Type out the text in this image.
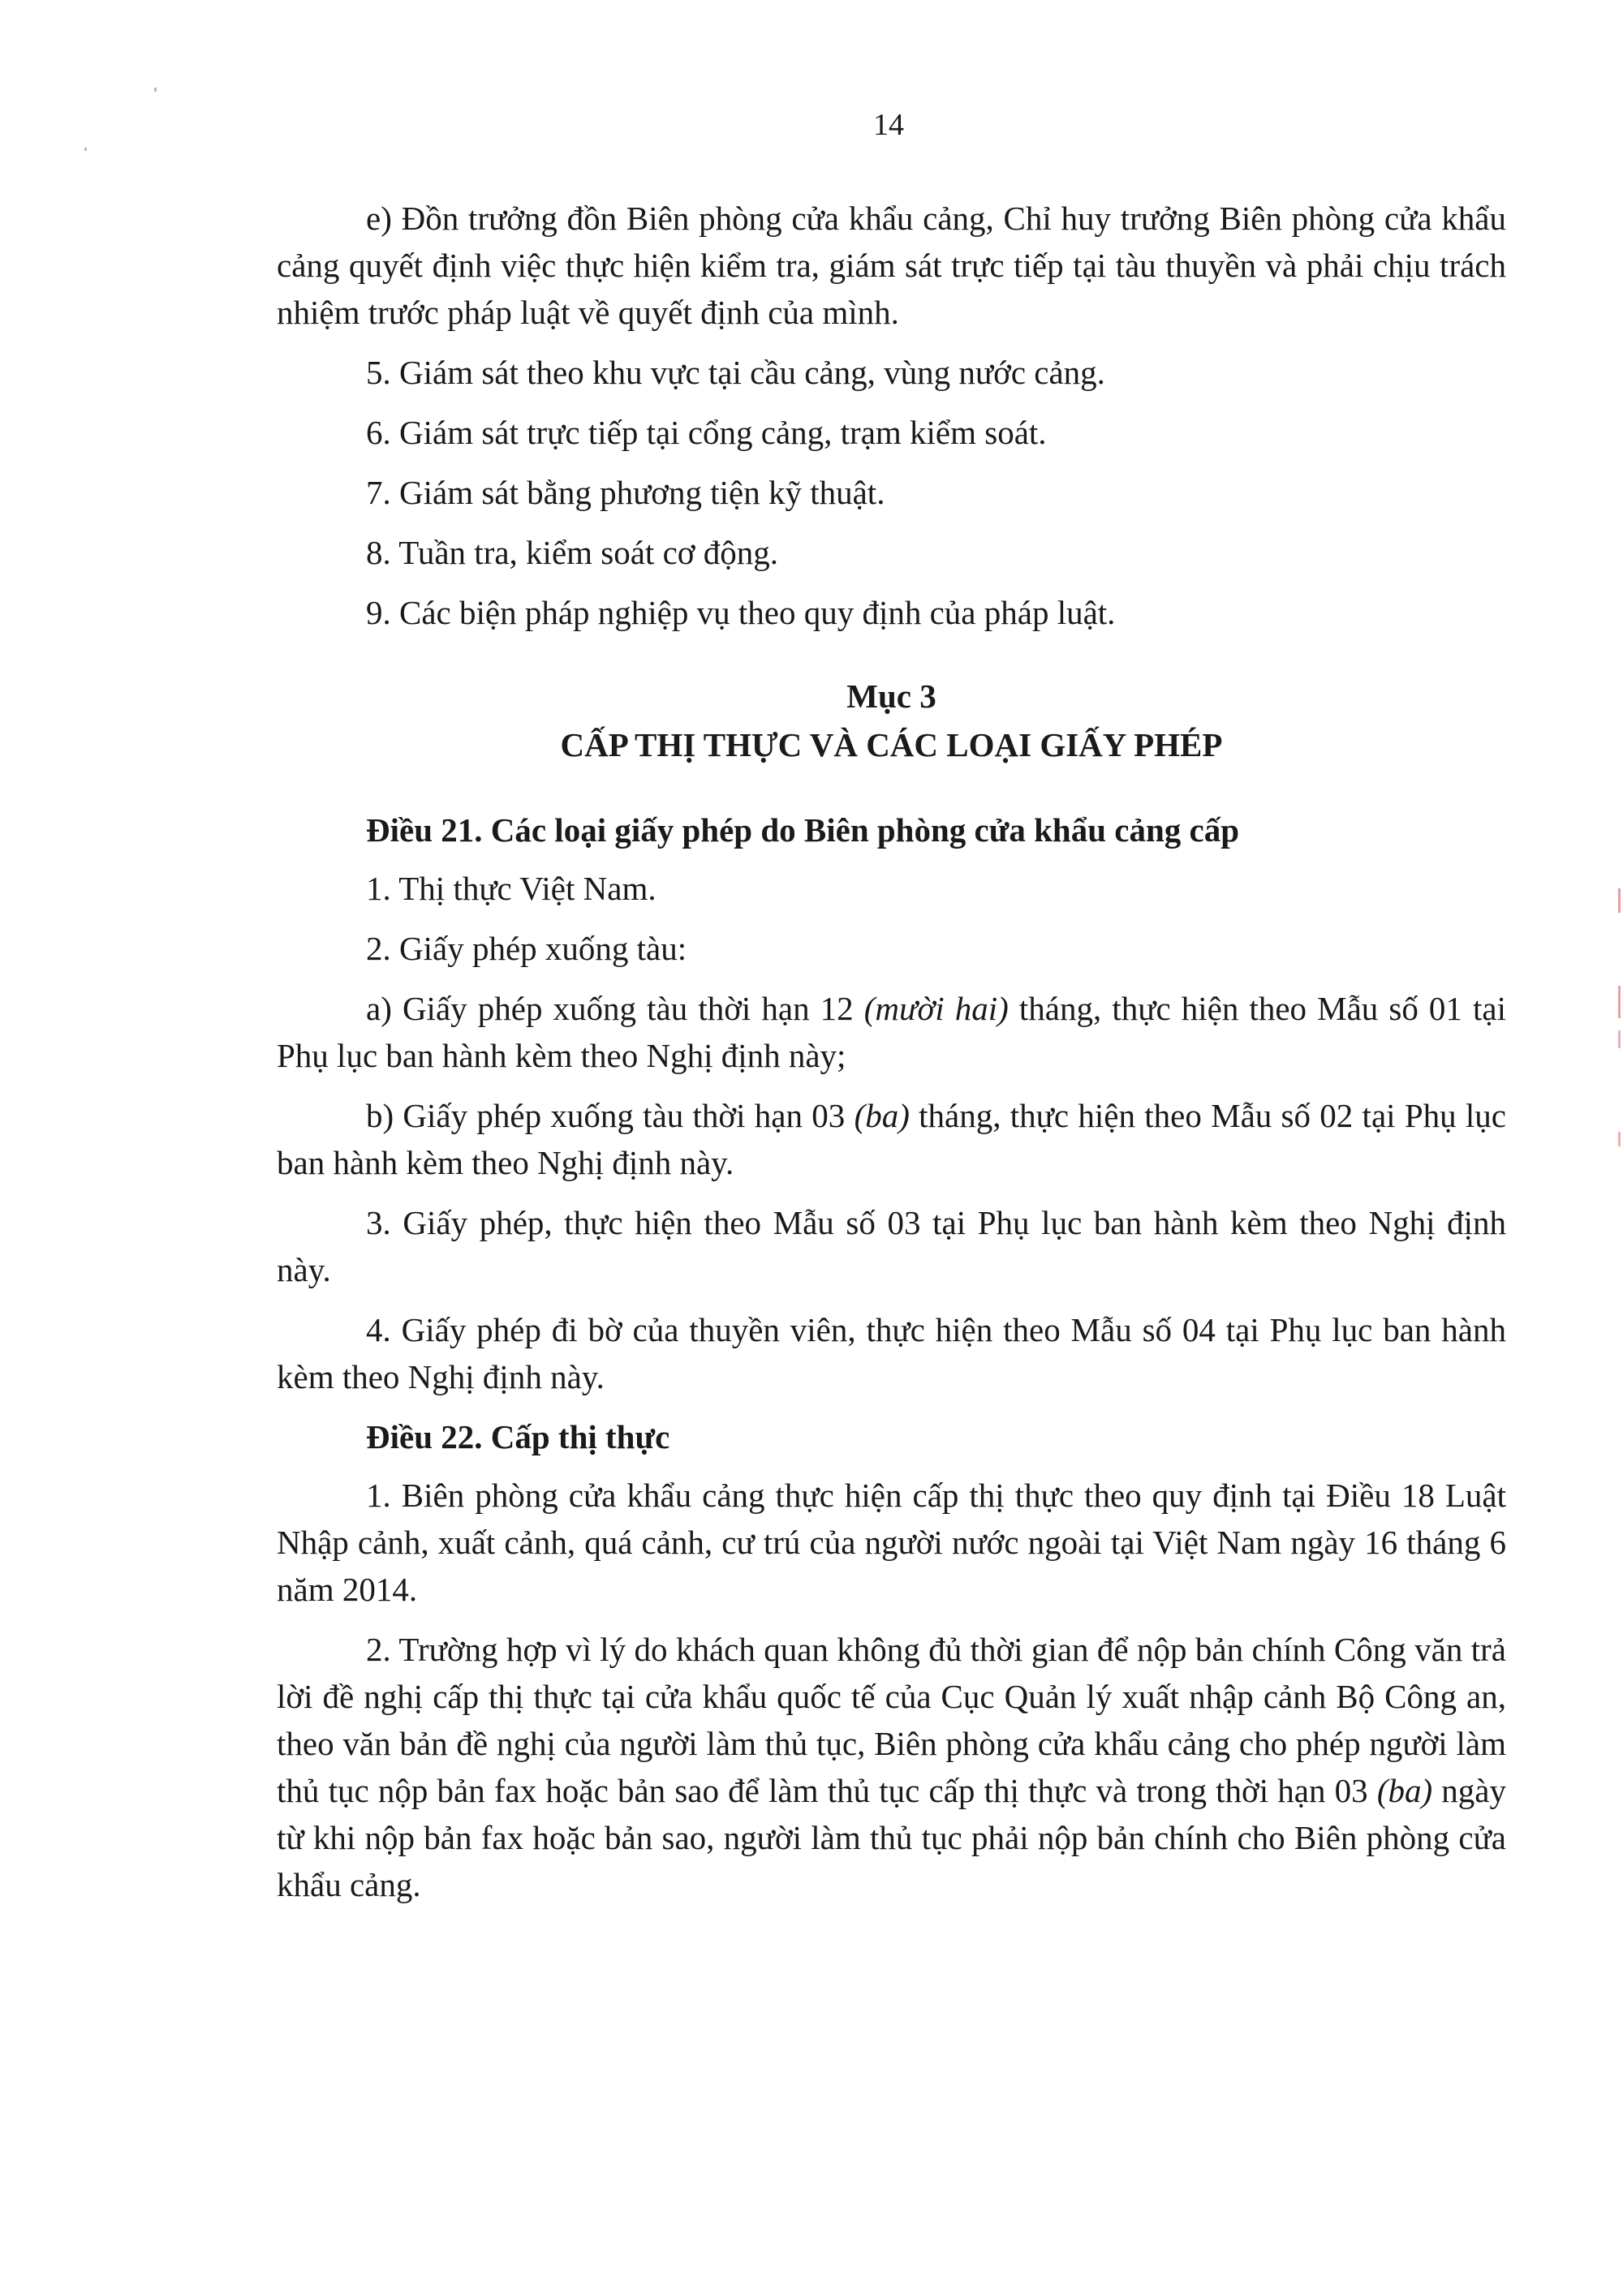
14

e) Đồn trưởng đồn Biên phòng cửa khẩu cảng, Chỉ huy trưởng Biên phòng cửa khẩu cảng quyết định việc thực hiện kiểm tra, giám sát trực tiếp tại tàu thuyền và phải chịu trách nhiệm trước pháp luật về quyết định của mình.

5. Giám sát theo khu vực tại cầu cảng, vùng nước cảng.

6. Giám sát trực tiếp tại cổng cảng, trạm kiểm soát.

7. Giám sát bằng phương tiện kỹ thuật.

8. Tuần tra, kiểm soát cơ động.

9. Các biện pháp nghiệp vụ theo quy định của pháp luật.

Mục 3
CẤP THỊ THỰC VÀ CÁC LOẠI GIẤY PHÉP

Điều 21. Các loại giấy phép do Biên phòng cửa khẩu cảng cấp

1. Thị thực Việt Nam.

2. Giấy phép xuống tàu:

a) Giấy phép xuống tàu thời hạn 12 (mười hai) tháng, thực hiện theo Mẫu số 01 tại Phụ lục ban hành kèm theo Nghị định này;

b) Giấy phép xuống tàu thời hạn 03 (ba) tháng, thực hiện theo Mẫu số 02 tại Phụ lục ban hành kèm theo Nghị định này.

3. Giấy phép, thực hiện theo Mẫu số 03 tại Phụ lục ban hành kèm theo Nghị định này.

4. Giấy phép đi bờ của thuyền viên, thực hiện theo Mẫu số 04 tại Phụ lục ban hành kèm theo Nghị định này.

Điều 22. Cấp thị thực

1. Biên phòng cửa khẩu cảng thực hiện cấp thị thực theo quy định tại Điều 18 Luật Nhập cảnh, xuất cảnh, quá cảnh, cư trú của người nước ngoài tại Việt Nam ngày 16 tháng 6 năm 2014.

2. Trường hợp vì lý do khách quan không đủ thời gian để nộp bản chính Công văn trả lời đề nghị cấp thị thực tại cửa khẩu quốc tế của Cục Quản lý xuất nhập cảnh Bộ Công an, theo văn bản đề nghị của người làm thủ tục, Biên phòng cửa khẩu cảng cho phép người làm thủ tục nộp bản fax hoặc bản sao để làm thủ tục cấp thị thực và trong thời hạn 03 (ba) ngày từ khi nộp bản fax hoặc bản sao, người làm thủ tục phải nộp bản chính cho Biên phòng cửa khẩu cảng.
